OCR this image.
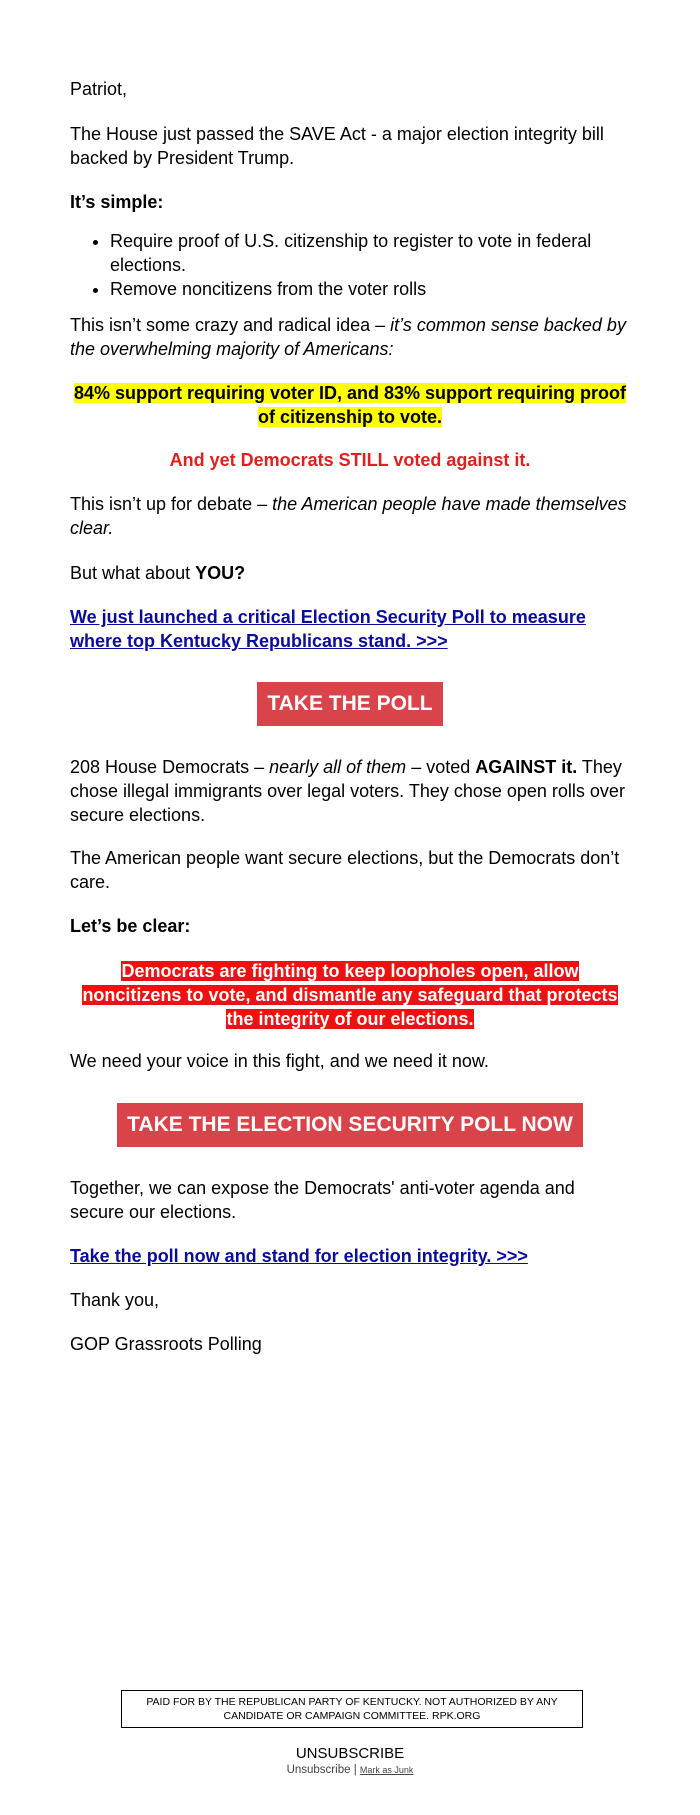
Patriot,

The House just passed the SAVE Act - a major election integrity bill backed by President Trump.

It’s simple:

• Require proof of U.S. citizenship to register to vote in federal elections.
• Remove noncitizens from the voter rolls

This isn’t some crazy and radical idea – it’s common sense backed by the overwhelming majority of Americans:

84% support requiring voter ID, and 83% support requiring proof of citizenship to vote.

And yet Democrats STILL voted against it.

This isn’t up for debate – the American people have made themselves clear.

But what about YOU?

We just launched a critical Election Security Poll to measure where top Kentucky Republicans stand. >>>

TAKE THE POLL

208 House Democrats – nearly all of them – voted AGAINST it. They chose illegal immigrants over legal voters. They chose open rolls over secure elections.

The American people want secure elections, but the Democrats don’t care.

Let’s be clear:

Democrats are fighting to keep loopholes open, allow noncitizens to vote, and dismantle any safeguard that protects the integrity of our elections.

We need your voice in this fight, and we need it now.

TAKE THE ELECTION SECURITY POLL NOW

Together, we can expose the Democrats' anti-voter agenda and secure our elections.

Take the poll now and stand for election integrity. >>>

Thank you,

GOP Grassroots Polling

PAID FOR BY THE REPUBLICAN PARTY OF KENTUCKY. NOT AUTHORIZED BY ANY CANDIDATE OR CAMPAIGN COMMITTEE. RPK.ORG
UNSUBSCRIBE
Unsubscribe | Mark as Junk
